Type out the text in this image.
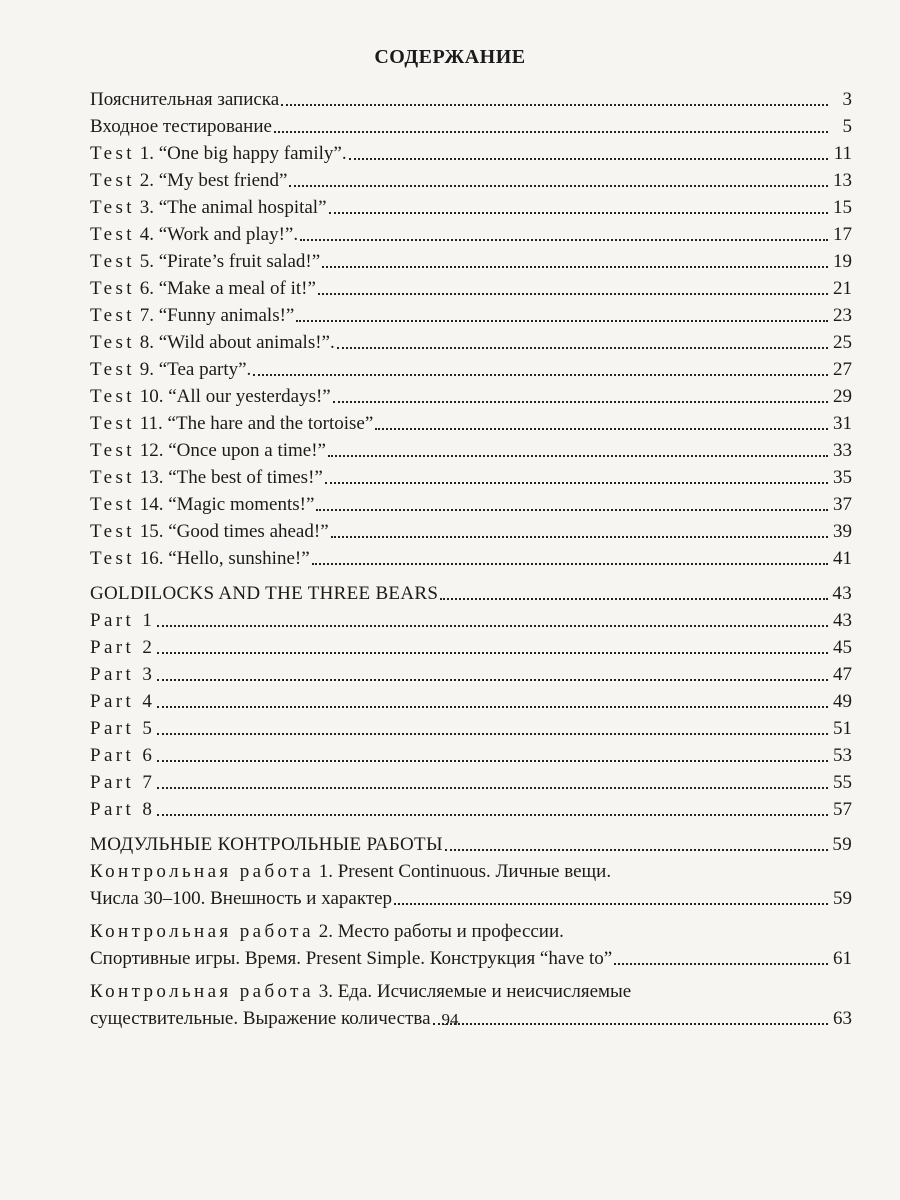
СОДЕРЖАНИЕ
Пояснительная записка	3
Входное тестирование	5
Test 1. “One big happy family”.	11
Test 2. “My best friend”	13
Test 3. “The animal hospital”	15
Test 4. “Work and play!”.	17
Test 5. “Pirate’s fruit salad!”	19
Test 6. “Make a meal of it!”	21
Test 7. “Funny animals!”	23
Test 8. “Wild about animals!”.	25
Test 9. “Tea party”.	27
Test 10. “All our yesterdays!”	29
Test 11. “The hare and the tortoise”	31
Test 12. “Once upon a time!”	33
Test 13. “The best of times!”	35
Test 14. “Magic moments!”	37
Test 15. “Good times ahead!”	39
Test 16. “Hello, sunshine!”	41
GOLDILOCKS AND THE THREE BEARS	43
Part 1	43
Part 2	45
Part 3	47
Part 4	49
Part 5	51
Part 6	53
Part 7	55
Part 8	57
МОДУЛЬНЫЕ КОНТРОЛЬНЫЕ РАБОТЫ	59
Контрольная работа 1. Present Continuous. Личные вещи.
Числа 30–100. Внешность и характер	59
Контрольная работа 2. Место работы и профессии.
Спортивные игры. Время. Present Simple. Конструкция “have to”	61
Контрольная работа 3. Еда. Исчисляемые и неисчисляемые
существительные. Выражение количества	63
94
